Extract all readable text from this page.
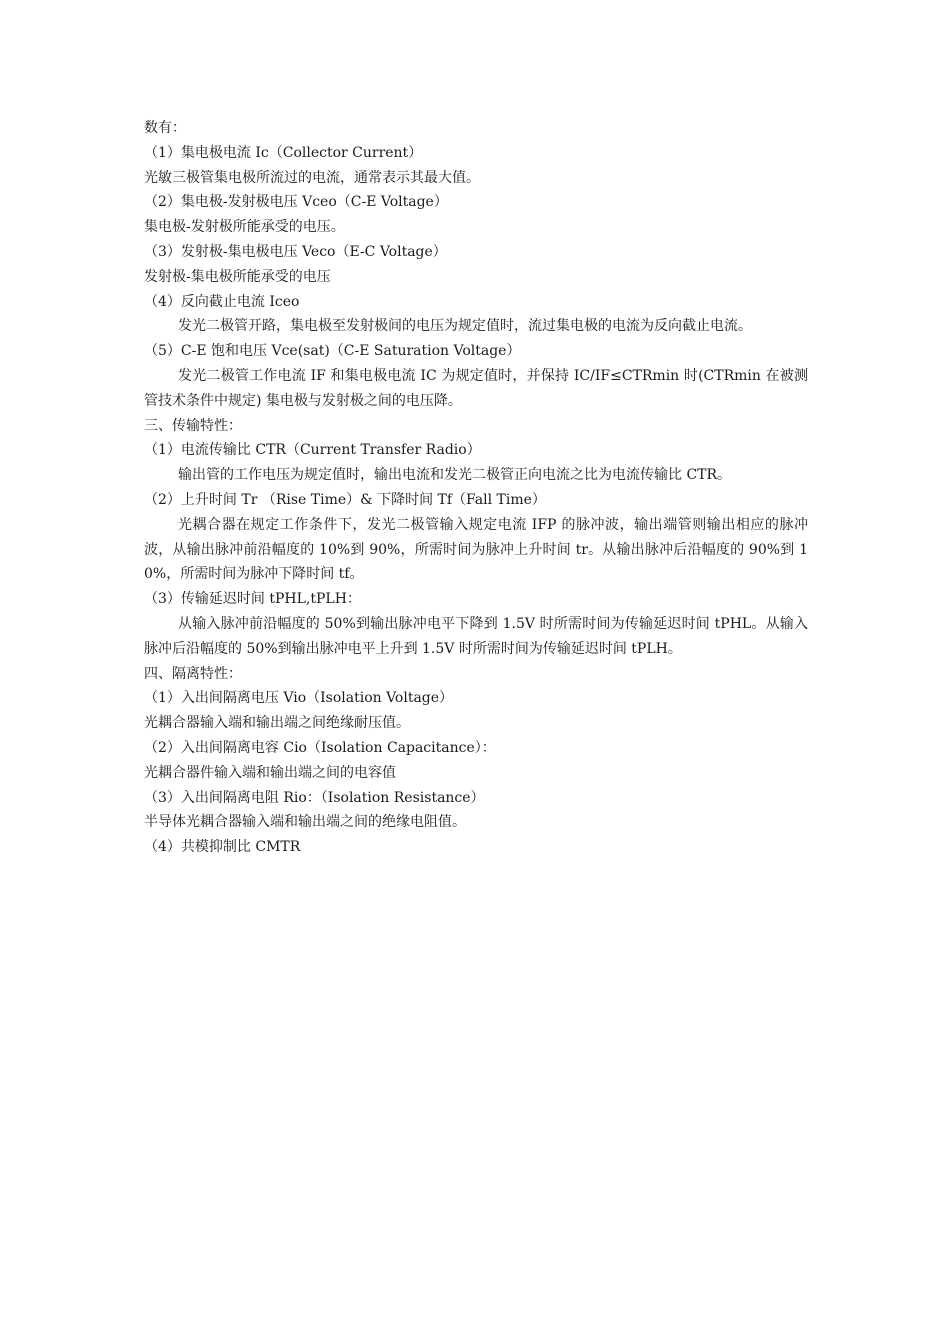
数有：
（1）集电极电流 Ic（Collector Current）
光敏三极管集电极所流过的电流，通常表示其最大值。
（2）集电极-发射极电压 Vceo（C-E Voltage）
集电极-发射极所能承受的电压。
（3）发射极-集电极电压 Veco（E-C Voltage）
发射极-集电极所能承受的电压
（4）反向截止电流 Iceo
发光二极管开路，集电极至发射极间的电压为规定值时，流过集电极的电流为反向截止电流。
（5）C-E 饱和电压 Vce(sat)（C-E Saturation Voltage）
发光二极管工作电流 IF 和集电极电流 IC 为规定值时，并保持 IC/IF≤CTRmin 时(CTRmin 在被测管技术条件中规定) 集电极与发射极之间的电压降。
三、传输特性：
（1）电流传输比 CTR（Current Transfer Radio）
输出管的工作电压为规定值时，输出电流和发光二极管正向电流之比为电流传输比 CTR。
（2）上升时间 Tr （Rise Time）& 下降时间 Tf（Fall Time）
光耦合器在规定工作条件下，发光二极管输入规定电流 IFP 的脉冲波，输出端管则输出相应的脉冲波，从输出脉冲前沿幅度的 10%到 90%，所需时间为脉冲上升时间 tr。从输出脉冲后沿幅度的 90%到 10%，所需时间为脉冲下降时间 tf。
（3）传输延迟时间 tPHL,tPLH：
从输入脉冲前沿幅度的 50%到输出脉冲电平下降到 1.5V 时所需时间为传输延迟时间 tPHL。从输入脉冲后沿幅度的 50%到输出脉冲电平上升到 1.5V 时所需时间为传输延迟时间 tPLH。
四、隔离特性：
（1）入出间隔离电压 Vio（Isolation Voltage）
光耦合器输入端和输出端之间绝缘耐压值。
（2）入出间隔离电容 Cio（Isolation Capacitance）：
光耦合器件输入端和输出端之间的电容值
（3）入出间隔离电阻 Rio：（Isolation Resistance）
半导体光耦合器输入端和输出端之间的绝缘电阻值。
（4）共模抑制比 CMTR
